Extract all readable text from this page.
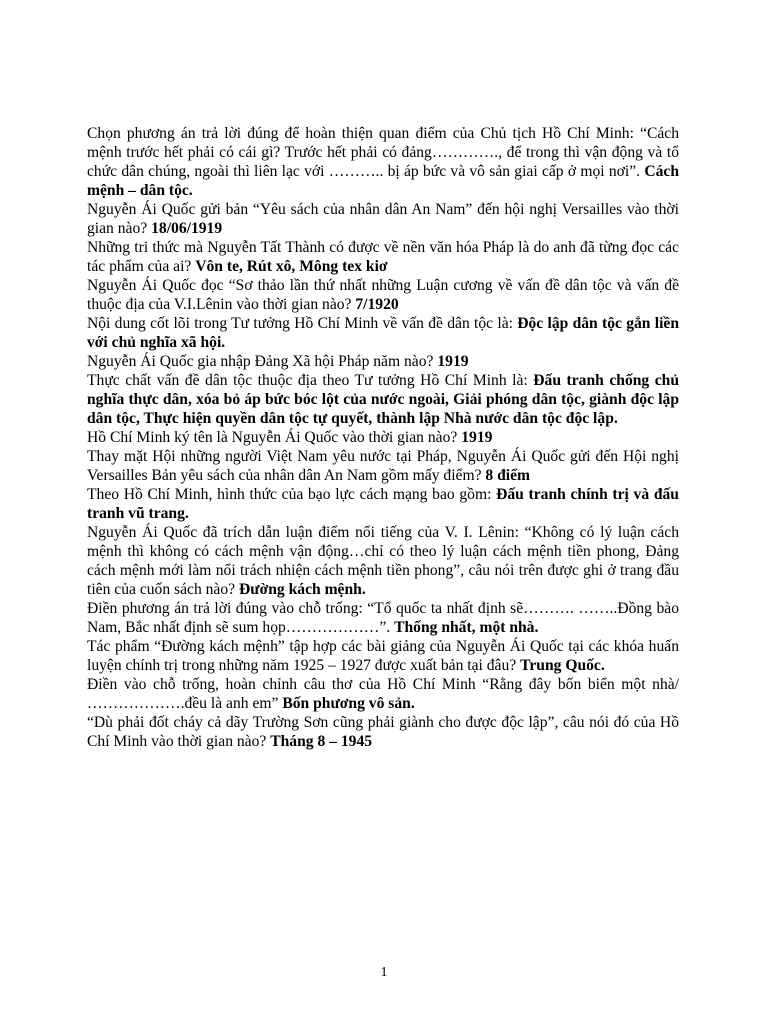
Chọn phương án trả lời đúng để hoàn thiện quan điểm của Chủ tịch Hồ Chí Minh: “Cách mệnh trước hết phải có cái gì? Trước hết phải có đảng…………., để trong thì vận động và tổ chức dân chúng, ngoài thì liên lạc với ……….. bị áp bức và vô sản giai cấp ở mọi nơi”. Cách mệnh – dân tộc.

Nguyễn Ái Quốc gửi bản “Yêu sách của nhân dân An Nam” đến hội nghị Versailles vào thời gian nào? 18/06/1919

Những tri thức mà Nguyễn Tất Thành có được về nền văn hóa Pháp là do anh đã từng đọc các tác phẩm của ai? Vôn te, Rút xô, Mông tex kiơ

Nguyễn Ái Quốc đọc “Sơ thảo lần thứ nhất những Luận cương về vấn đề dân tộc và vấn đề thuộc địa của V.I.Lênin vào thời gian nào? 7/1920

Nội dung cốt lõi trong Tư tưởng Hồ Chí Minh về vấn đề dân tộc là: Độc lập dân tộc gắn liền với chủ nghĩa xã hội.

Nguyễn Ái Quốc gia nhập Đảng Xã hội Pháp năm nào? 1919

Thực chất vấn đề dân tộc thuộc địa theo Tư tưởng Hồ Chí Minh là: Đấu tranh chống chủ nghĩa thực dân, xóa bỏ áp bức bóc lột của nước ngoài, Giải phóng dân tộc, giành độc lập dân tộc, Thực hiện quyền dân tộc tự quyết, thành lập Nhà nước dân tộc độc lập.

Hồ Chí Minh ký tên là Nguyễn Ái Quốc vào thời gian nào? 1919

Thay mặt Hội những người Việt Nam yêu nước tại Pháp, Nguyễn Ái Quốc gửi đến Hội nghị Versailles Bản yêu sách của nhân dân An Nam gồm mấy điểm? 8 điểm

Theo Hồ Chí Minh, hình thức của bạo lực cách mạng bao gồm: Đấu tranh chính trị và đấu tranh vũ trang.

Nguyễn Ái Quốc đã trích dẫn luận điểm nổi tiếng của V. I. Lênin: “Không có lý luận cách mệnh thì không có cách mệnh vận động…chỉ có theo lý luận cách mệnh tiền phong, Đảng cách mệnh mới làm nổi trách nhiện cách mệnh tiền phong”, câu nói trên được ghi ở trang đầu tiên của cuốn sách nào? Đường kách mệnh.

Điền phương án trả lời đúng vào chỗ trống: “Tổ quốc ta nhất định sẽ………. ……..Đồng bào Nam, Bắc nhất định sẽ sum họp………………”. Thống nhất, một nhà.

Tác phẩm “Đường kách mệnh” tập hợp các bài giảng của Nguyễn Ái Quốc tại các khóa huấn luyện chính trị trong những năm 1925 – 1927 được xuất bản tại đâu? Trung Quốc.

Điền vào chỗ trống, hoàn chỉnh câu thơ của Hồ Chí Minh “Rằng đây bốn biển một nhà/ ……………….đều là anh em” Bốn phương vô sản.

“Dù phải đốt cháy cả dãy Trường Sơn cũng phải giành cho được độc lập”, câu nói đó của Hồ Chí Minh vào thời gian nào? Tháng 8 – 1945

1
